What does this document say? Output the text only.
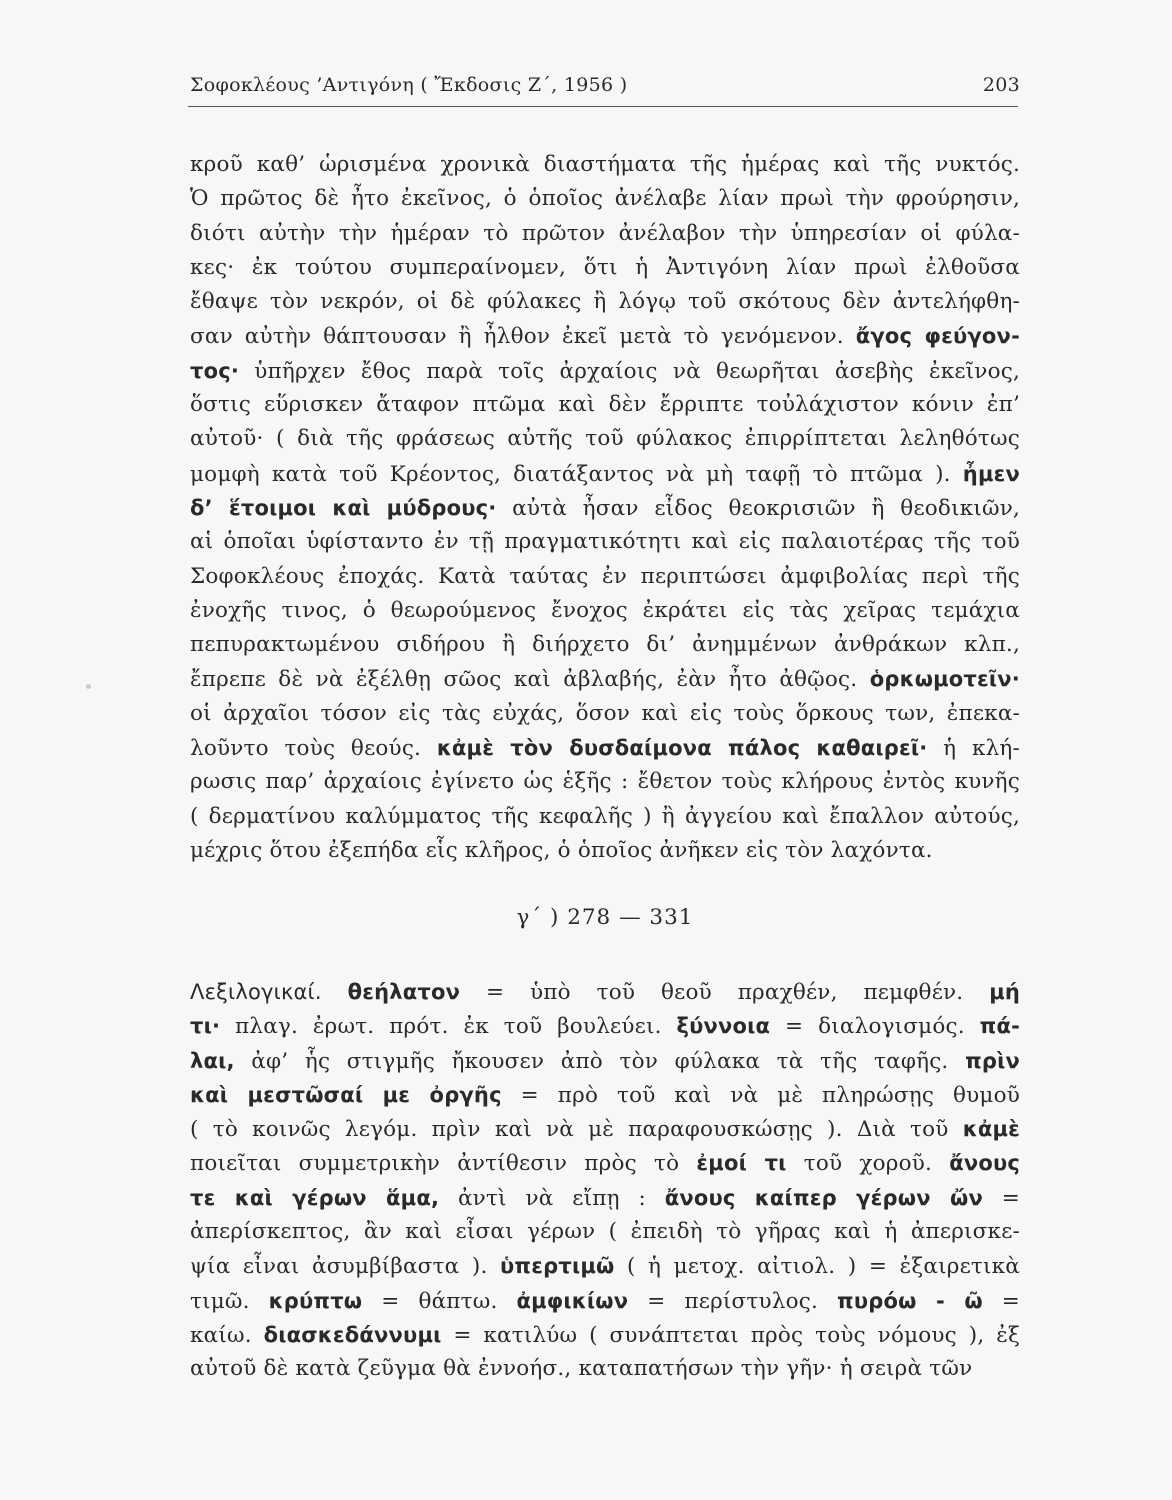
Σοφοκλέους ’Αντιγόνη ( Ἔκδοσις Ζ΄, 1956 )	203
κροῦ καθ’ ὡρισμένα χρονικὰ διαστήματα τῆς ἡμέρας καὶ τῆς νυκτός.
Ὁ πρῶτος δὲ ἦτο ἐκεῖνος, ὁ ὁποῖος ἀνέλαβε λίαν πρωὶ τὴν φρούρησιν,
διότι αὐτὴν τὴν ἡμέραν τὸ πρῶτον ἀνέλαβον τὴν ὑπηρεσίαν οἱ φύλα-
κες· ἐκ τούτου συμπεραίνομεν, ὅτι ἡ Ἀντιγόνη λίαν πρωὶ ἐλθοῦσα
ἔθαψε τὸν νεκρόν, οἱ δὲ φύλακες ἢ λόγῳ τοῦ σκότους δὲν ἀντελήφθη-
σαν αὐτὴν θάπτουσαν ἢ ἦλθον ἐκεῖ μετὰ τὸ γενόμενον. ἄγος φεύγον-
τος· ὑπῆρχεν ἔθος παρὰ τοῖς ἀρχαίοις νὰ θεωρῆται ἀσεβὴς ἐκεῖνος,
ὅστις εὕρισκεν ἄταφον πτῶμα καὶ δὲν ἔρριπτε τοὐλάχιστον κόνιν ἐπ’
αὐτοῦ· ( διὰ τῆς φράσεως αὐτῆς τοῦ φύλακος ἐπιρρίπτεται λεληθότως
μομφὴ κατὰ τοῦ Κρέοντος, διατάξαντος νὰ μὴ ταφῇ τὸ πτῶμα ). ἦμεν
δ’ ἕτοιμοι καὶ μύδρους· αὐτὰ ἦσαν εἶδος θεοκρισιῶν ἢ θεοδικιῶν,
αἱ ὁποῖαι ὑφίσταντο ἐν τῇ πραγματικότητι καὶ εἰς παλαιοτέρας τῆς τοῦ
Σοφοκλέους ἐποχάς. Κατὰ ταύτας ἐν περιπτώσει ἀμφιβολίας περὶ τῆς
ἐνοχῆς τινος, ὁ θεωρούμενος ἔνοχος ἐκράτει εἰς τὰς χεῖρας τεμάχια
πεπυρακτωμένου σιδήρου ἢ διήρχετο δι’ ἀνημμένων ἀνθράκων κλπ.,
ἔπρεπε δὲ νὰ ἐξέλθῃ σῶος καὶ ἀβλαβής, ἐὰν ἦτο ἀθῷος. ὁρκωμοτεῖν·
οἱ ἀρχαῖοι τόσον εἰς τὰς εὐχάς, ὅσον καὶ εἰς τοὺς ὅρκους των, ἐπεκα-
λοῦντο τοὺς θεούς. κἀμὲ τὸν δυσδαίμονα πάλος καθαιρεῖ· ἡ κλή-
ρωσις παρ’ ἀρχαίοις ἐγίνετο ὡς ἑξῆς : ἔθετον τοὺς κλήρους ἐντὸς κυνῆς
( δερματίνου καλύμματος τῆς κεφαλῆς ) ἢ ἀγγείου καὶ ἔπαλλον αὐτούς,
μέχρις ὅτου ἐξεπήδα εἷς κλῆρος, ὁ ὁποῖος ἀνῆκεν εἰς τὸν λαχόντα.
γ΄ ) 278 — 331
Λεξιλογικαί. θεήλατον = ὑπὸ τοῦ θεοῦ πραχθέν, πεμφθέν. μή
τι· πλαγ. ἐρωτ. πρότ. ἐκ τοῦ βουλεύει. ξύννοια = διαλογισμός. πά-
λαι, ἀφ’ ἧς στιγμῆς ἤκουσεν ἀπὸ τὸν φύλακα τὰ τῆς ταφῆς. πρὶν
καὶ μεστῶσαί με ὀργῆς = πρὸ τοῦ καὶ νὰ μὲ πληρώσῃς θυμοῦ
( τὸ κοινῶς λεγόμ. πρὶν καὶ νὰ μὲ παραφουσκώσῃς ). Διὰ τοῦ κἀμὲ
ποιεῖται συμμετρικὴν ἀντίθεσιν πρὸς τὸ ἐμοί τι τοῦ χοροῦ. ἄνους
τε καὶ γέρων ἅμα, ἀντὶ νὰ εἴπῃ : ἄνους καίπερ γέρων ὤν =
ἀπερίσκεπτος, ἂν καὶ εἶσαι γέρων ( ἐπειδὴ τὸ γῆρας καὶ ἡ ἀπερισκε-
ψία εἶναι ἀσυμβίβαστα ). ὑπερτιμῶ ( ἡ μετοχ. αἰτιολ. ) = ἐξαιρετικὰ
τιμῶ. κρύπτω = θάπτω. ἀμφικίων = περίστυλος. πυρόω - ῶ =
καίω. διασκεδάννυμι = κατιλύω ( συνάπτεται πρὸς τοὺς νόμους ), ἐξ
αὐτοῦ δὲ κατὰ ζεῦγμα θὰ ἐννοήσ., καταπατήσων τὴν γῆν· ἡ σειρὰ τῶν
